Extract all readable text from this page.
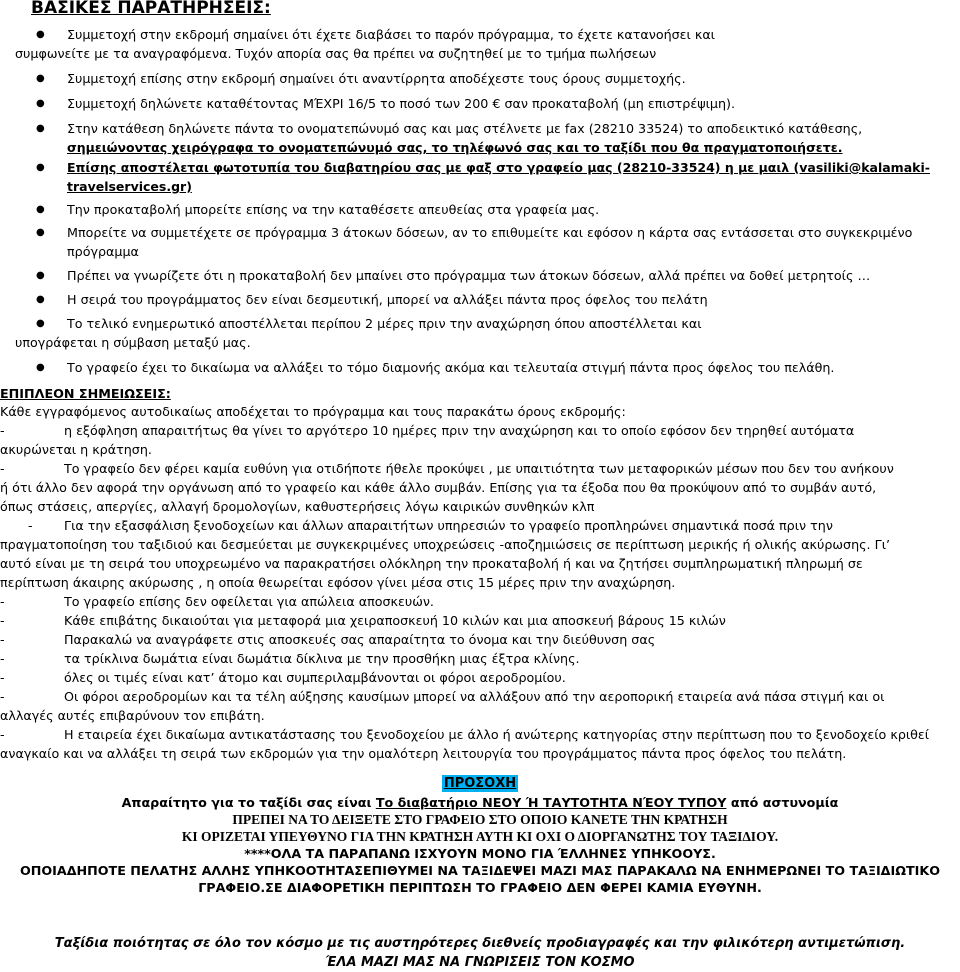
ΒΑΣΙΚΕΣ ΠΑΡΑΤΗΡΗΣΕΙΣ:
● Συμμετοχή στην εκδρομή σημαίνει ότι έχετε διαβάσει το παρόν πρόγραμμα, το έχετε κατανοήσει και
συμφωνείτε με τα αναγραφόμενα. Τυχόν απορία σας θα πρέπει να συζητηθεί με το τμήμα πωλήσεων
● Συμμετοχή επίσης στην εκδρομή σημαίνει ότι αναντίρρητα αποδέχεστε τους όρους συμμετοχής.
● Συμμετοχή δηλώνετε καταθέτοντας ΜΈΧΡΙ 16/5 το ποσό των 200 € σαν προκαταβολή (μη επιστρέψιμη).
● Στην κατάθεση δηλώνετε πάντα το ονοματεπώνυμό σας και μας στέλνετε με fax (28210 33524) το αποδεικτικό κατάθεσης,
σημειώνοντας χειρόγραφα το ονοματεπώνυμό σας, το τηλέφωνό σας και το ταξίδι που θα πραγματοποιήσετε.
● Επίσης αποστέλεται φωτοτυπία του διαβατηρίου σας με φαξ στο γραφείο μας (28210-33524) η με μαιλ (vasiliki@kalamaki-
travelservices.gr)
● Την προκαταβολή μπορείτε επίσης να την καταθέσετε απευθείας στα γραφεία μας.
● Μπορείτε να συμμετέχετε σε πρόγραμμα 3 άτοκων δόσεων, αν το επιθυμείτε και εφόσον η κάρτα σας εντάσσεται στο συγκεκριμένο
πρόγραμμα
● Πρέπει να γνωρίζετε ότι η προκαταβολή δεν μπαίνει στο πρόγραμμα των άτοκων δόσεων, αλλά πρέπει να δοθεί μετρητοίς …
● Η σειρά του προγράμματος δεν είναι δεσμευτική, μπορεί να αλλάξει πάντα προς όφελος του πελάτη
● Το τελικό ενημερωτικό αποστέλλεται περίπου 2 μέρες πριν την αναχώρηση όπου αποστέλλεται και
υπογράφεται η σύμβαση μεταξύ μας.
● Το γραφείο έχει το δικαίωμα να αλλάξει το τόμο διαμονής ακόμα και τελευταία στιγμή πάντα προς όφελος του πελάθη.
ΕΠΙΠΛΕΟΝ ΣΗΜΕΙΩΣΕΙΣ:
Κάθε εγγραφόμενος αυτοδικαίως αποδέχεται το πρόγραμμα και τους παρακάτω όρους εκδρομής:
-	η εξόφληση απαραιτήτως θα γίνει το αργότερο 10 ημέρες πριν την αναχώρηση και το οποίο εφόσον δεν τηρηθεί αυτόματα
ακυρώνεται η κράτηση.
-	Το γραφείο δεν φέρει καμία ευθύνη για οτιδήποτε ήθελε προκύψει , με υπαιτιότητα των μεταφορικών μέσων που δεν του ανήκουν
ή ότι άλλο δεν αφορά την οργάνωση από το γραφείο και κάθε άλλο συμβάν. Επίσης για τα έξοδα που θα προκύψουν από το συμβάν αυτό,
όπως στάσεις, απεργίες, αλλαγή δρομολογίων, καθυστερήσεις λόγω καιρικών συνθηκών κλπ
- Για την εξασφάλιση ξενοδοχείων και άλλων απαραιτήτων υπηρεσιών το γραφείο προπληρώνει σημαντικά ποσά πριν την
πραγματοποίηση του ταξιδιού και δεσμεύεται με συγκεκριμένες υποχρεώσεις -αποζημιώσεις σε περίπτωση μερικής ή ολικής ακύρωσης. Γι’
αυτό είναι με τη σειρά του υποχρεωμένο να παρακρατήσει ολόκληρη την προκαταβολή ή και να ζητήσει συμπληρωματική πληρωμή σε
περίπτωση άκαιρης ακύρωσης , η οποία θεωρείται εφόσον γίνει μέσα στις 15 μέρες πριν την αναχώρηση.
-	Το γραφείο επίσης δεν οφείλεται για απώλεια αποσκευών.
-	Κάθε επιβάτης δικαιούται για μεταφορά μια χειραποσκευή 10 κιλών και μια αποσκευή βάρους 15 κιλών
-	Παρακαλώ να αναγράφετε στις αποσκευές σας απαραίτητα το όνομα και την διεύθυνση σας
-	τα τρίκλινα δωμάτια είναι δωμάτια δίκλινα με την προσθήκη μιας έξτρα κλίνης.
-	όλες οι τιμές είναι κατ’ άτομο και συμπεριλαμβάνονται οι φόροι αεροδρομίου.
-	Οι φόροι αεροδρομίων και τα τέλη αύξησης καυσίμων μπορεί να αλλάξουν από την αεροπορική εταιρεία ανά πάσα στιγμή και οι
αλλαγές αυτές επιβαρύνουν τον επιβάτη.
-	Η εταιρεία έχει δικαίωμα αντικατάστασης του ξενοδοχείου με άλλο ή ανώτερης κατηγορίας στην περίπτωση που το ξενοδοχείο κριθεί
αναγκαίο και να αλλάξει τη σειρά των εκδρομών για την ομαλότερη λειτουργία του προγράμματος πάντα προς όφελος του πελάτη.
ΠΡΟΣΟΧΗ
Απαραίτητο για το ταξίδι σας είναι Το διαβατήριο ΝΕΟΥ Ή ΤΑΥΤΟΤΗΤΑ ΝΈΟΥ ΤΥΠΟΥ από αστυνομία
ΠΡΕΠΕΙ ΝΑ ΤΟ ΔΕΙΞΕΤΕ ΣΤΟ ΓΡΑΦΕΙΟ ΣΤΟ ΟΠΟΙΟ ΚΑΝΕΤΕ ΤΗΝ ΚΡΑΤΗΣΗ
ΚΙ ΟΡΙΖΕΤΑΙ ΥΠΕΥΘΥΝΟ ΓΙΑ ΤΗΝ ΚΡΑΤΗΣΗ ΑΥΤΗ ΚΙ ΟΧΙ Ο ΔΙΟΡΓΑΝΩΤΗΣ ΤΟΥ ΤΑΞΙΔΙΟΥ.
****ΟΛΑ ΤΑ ΠΑΡΑΠΑΝΩ ΙΣΧΥΟΥΝ ΜΟΝΟ ΓΙΑ ΈΛΛΗΝΕΣ ΥΠΗΚΟΟΥΣ.
ΟΠΟΙΑΔΗΠΟΤΕ ΠΕΛΑΤΗΣ ΑΛΛΗΣ ΥΠΗΚΟΟΤΗΤΑΣΕΠΙΘΥΜΕΙ ΝΑ ΤΑΞΙΔΕΨΕΙ ΜΑΖΙ ΜΑΣ ΠΑΡΑΚΑΛΩ ΝΑ ΕΝΗΜΕΡΩΝΕΙ ΤΟ ΤΑΞΙΔΙΩΤΙΚΟ
ΓΡΑΦΕΙΟ.ΣΕ ΔΙΑΦΟΡΕΤΙΚΗ ΠΕΡΙΠΤΩΣΗ ΤΟ ΓΡΑΦΕΙΟ ΔΕΝ ΦΕΡΕΙ ΚΑΜΙΑ ΕΥΘΥΝΗ.
Ταξίδια ποιότητας σε όλο τον κόσμο με τις αυστηρότερες διεθνείς προδιαγραφές και την φιλικότερη αντιμετώπιση.
ΈΛΑ ΜΑΖΙ ΜΑΣ ΝΑ ΓΝΩΡΙΣΕΙΣ ΤΟΝ ΚΟΣΜΟ
